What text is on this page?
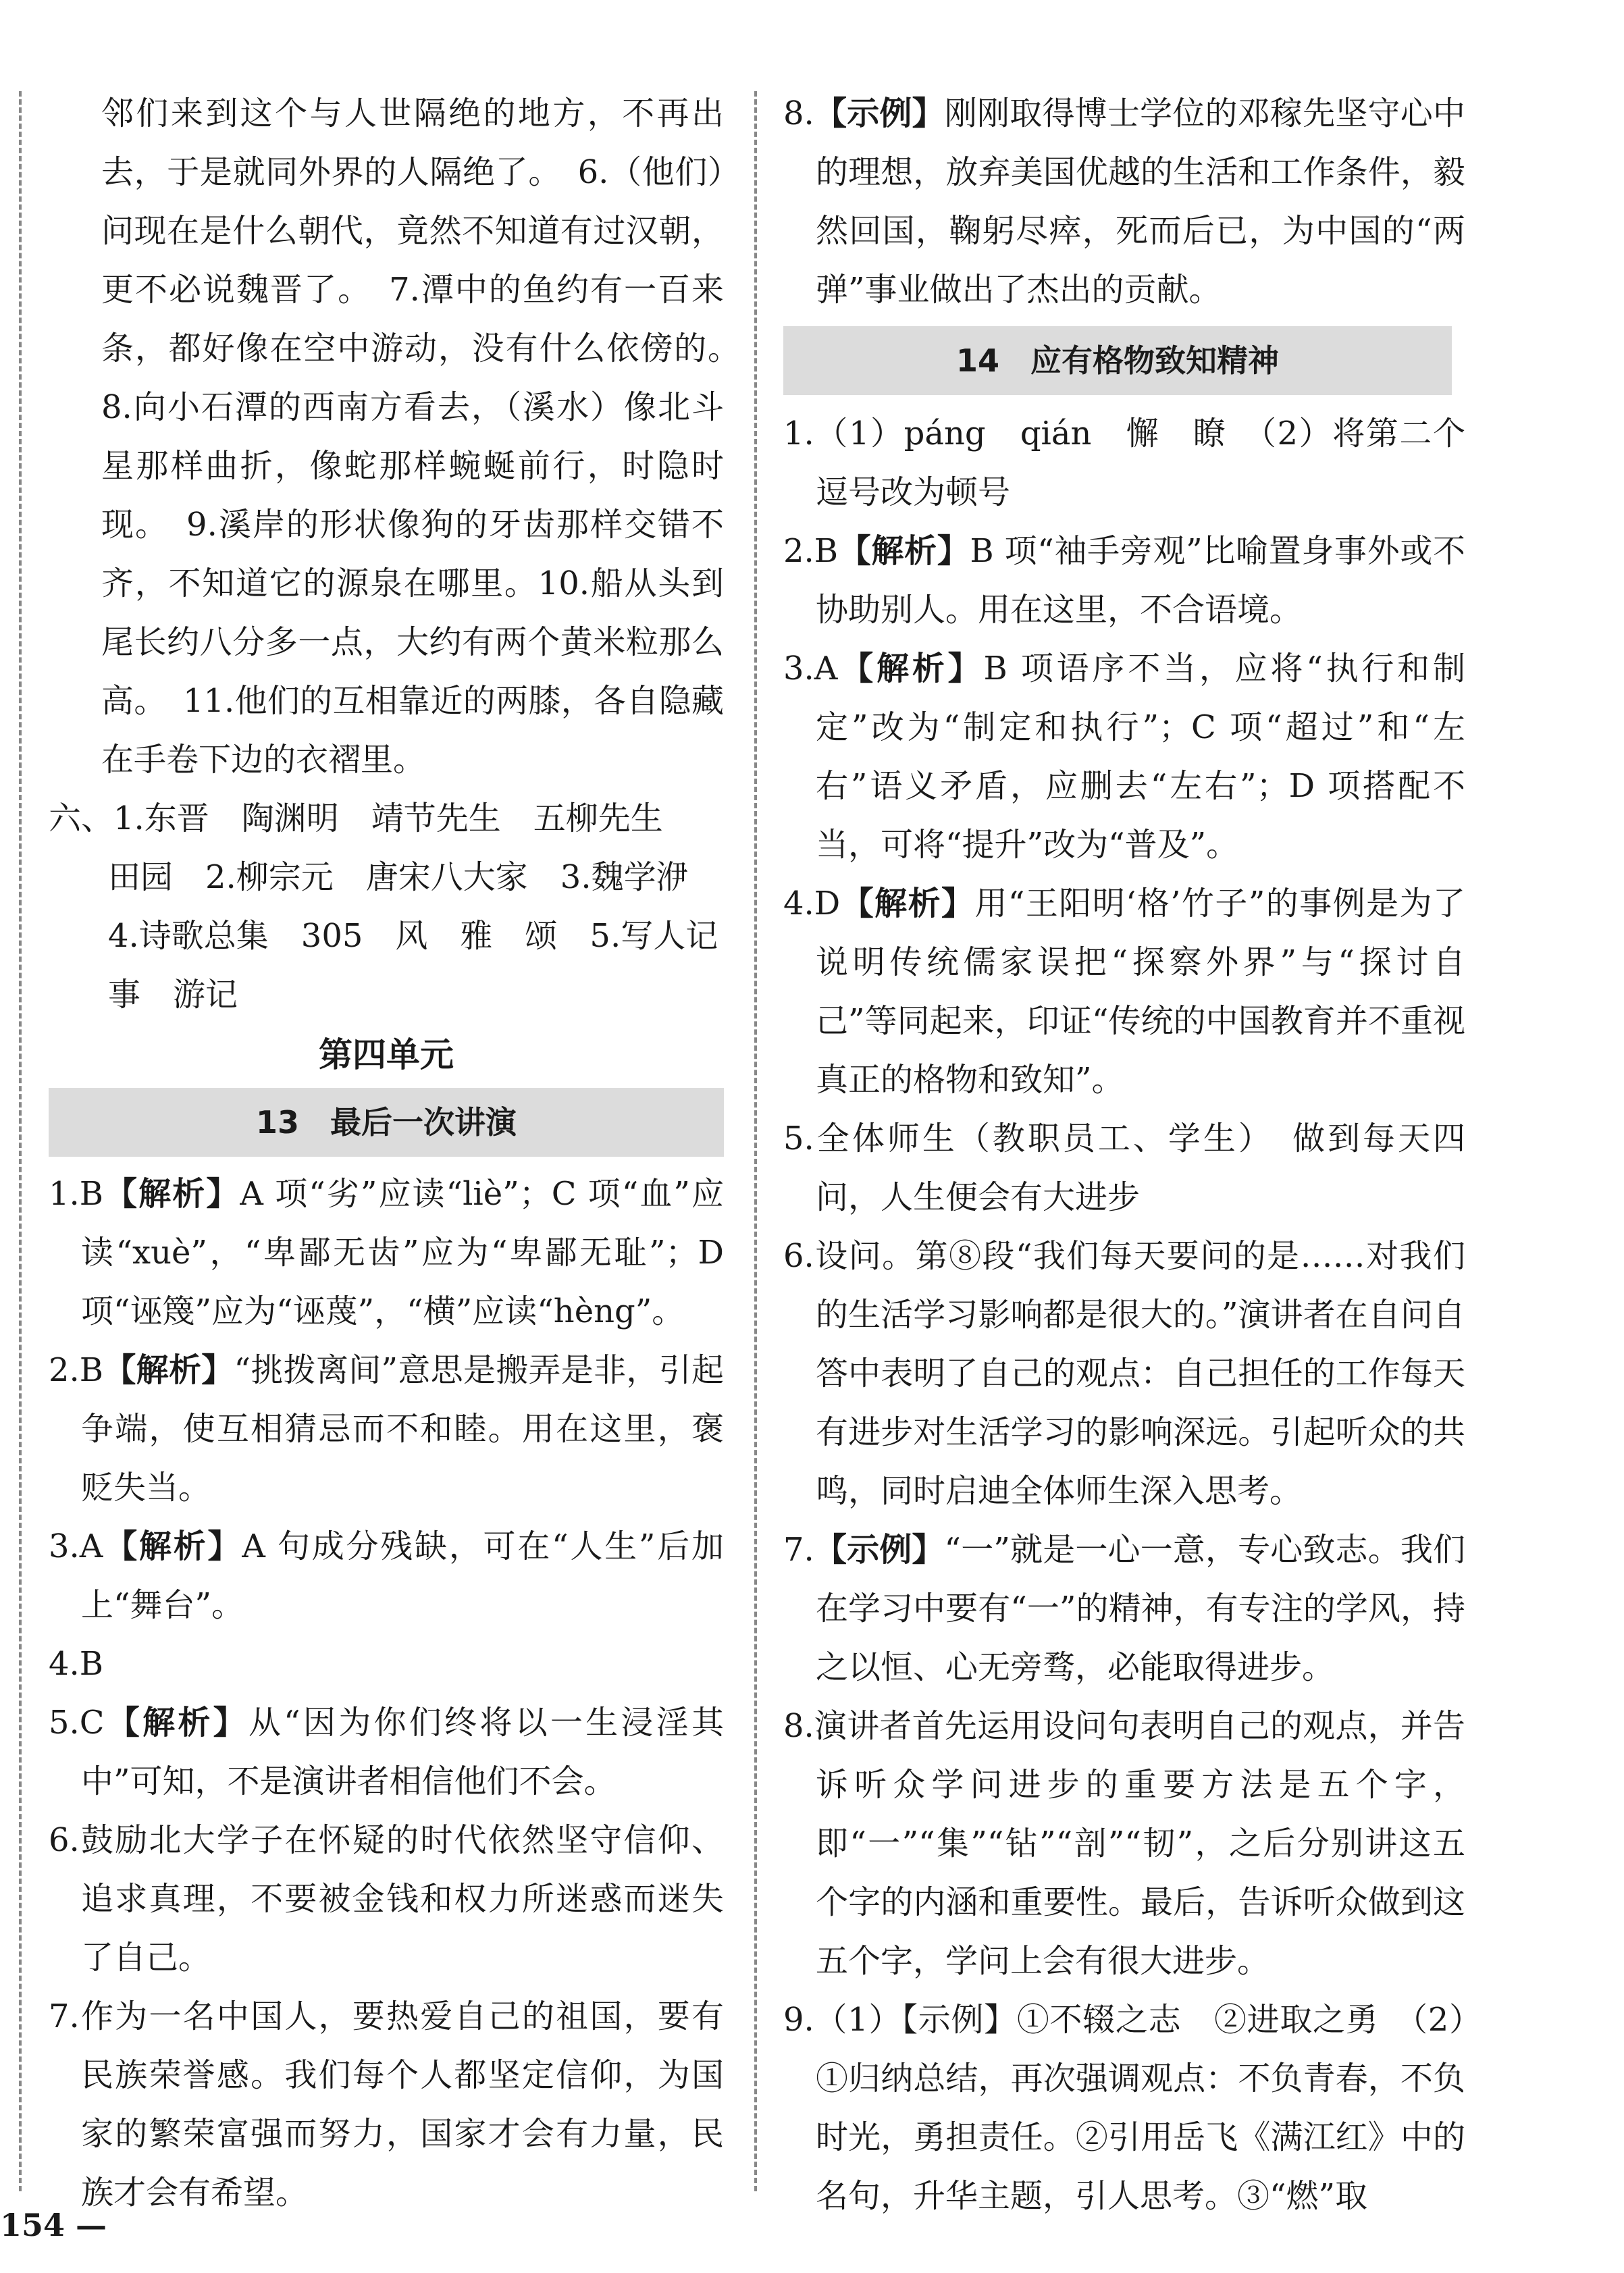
邻们来到这个与人世隔绝的地方，不再出去，于是就同外界的人隔绝了。　6.（他们）问现在是什么朝代，竟然不知道有过汉朝，更不必说魏晋了。　7.潭中的鱼约有一百来条，都好像在空中游动，没有什么依傍的。　8.向小石潭的西南方看去，（溪水）像北斗星那样曲折，像蛇那样蜿蜒前行，时隐时现。　9.溪岸的形状像狗的牙齿那样交错不齐，不知道它的源泉在哪里。10.船从头到尾长约八分多一点，大约有两个黄米粒那么高。　11.他们的互相靠近的两膝，各自隐藏在手卷下边的衣褶里。
六、1.东晋　陶渊明　靖节先生　五柳先生　田园　2.柳宗元　唐宋八大家　3.魏学洢　4.诗歌总集　305　风　雅　颂　5.写人记事　游记
第四单元
13　最后一次讲演
1.B【解析】A 项“劣”应读“liè”；C 项“血”应读“xuè”，“卑鄙无齿”应为“卑鄙无耻”；D 项“诬篾”应为“诬蔑”，“横”应读“hèng”。
2.B【解析】“挑拨离间”意思是搬弄是非，引起争端，使互相猜忌而不和睦。用在这里，褒贬失当。
3.A【解析】A 句成分残缺，可在“人生”后加上“舞台”。
4.B
5.C【解析】从“因为你们终将以一生浸淫其中”可知，不是演讲者相信他们不会。
6.鼓励北大学子在怀疑的时代依然坚守信仰、追求真理，不要被金钱和权力所迷惑而迷失了自己。
7.作为一名中国人，要热爱自己的祖国，要有民族荣誉感。我们每个人都坚定信仰，为国家的繁荣富强而努力，国家才会有力量，民族才会有希望。
8.【示例】刚刚取得博士学位的邓稼先坚守心中的理想，放弃美国优越的生活和工作条件，毅然回国，鞠躬尽瘁，死而后已，为中国的“两弹”事业做出了杰出的贡献。
14　应有格物致知精神
1.（1）páng　qián　懈　瞭　（2）将第二个逗号改为顿号
2.B【解析】B 项“袖手旁观”比喻置身事外或不协助别人。用在这里，不合语境。
3.A【解析】B 项语序不当，应将“执行和制定”改为“制定和执行”；C 项“超过”和“左右”语义矛盾，应删去“左右”；D 项搭配不当，可将“提升”改为“普及”。
4.D【解析】用“王阳明‘格’竹子”的事例是为了说明传统儒家误把“探察外界”与“探讨自己”等同起来，印证“传统的中国教育并不重视真正的格物和致知”。
5.全体师生（教职员工、学生）　做到每天四问，人生便会有大进步
6.设问。第⑧段“我们每天要问的是……对我们的生活学习影响都是很大的。”演讲者在自问自答中表明了自己的观点：自己担任的工作每天有进步对生活学习的影响深远。引起听众的共鸣，同时启迪全体师生深入思考。
7.【示例】“一”就是一心一意，专心致志。我们在学习中要有“一”的精神，有专注的学风，持之以恒、心无旁骛，必能取得进步。
8.演讲者首先运用设问句表明自己的观点，并告诉听众学问进步的重要方法是五个字，即“一”“集”“钻”“剖”“韧”，之后分别讲这五个字的内涵和重要性。最后，告诉听众做到这五个字，学问上会有很大进步。
9.（1）【示例】①不辍之志　②进取之勇　（2）①归纳总结，再次强调观点：不负青春，不负时光，勇担责任。②引用岳飞《满江红》中的名句，升华主题，引人思考。③“燃”取
154 —
